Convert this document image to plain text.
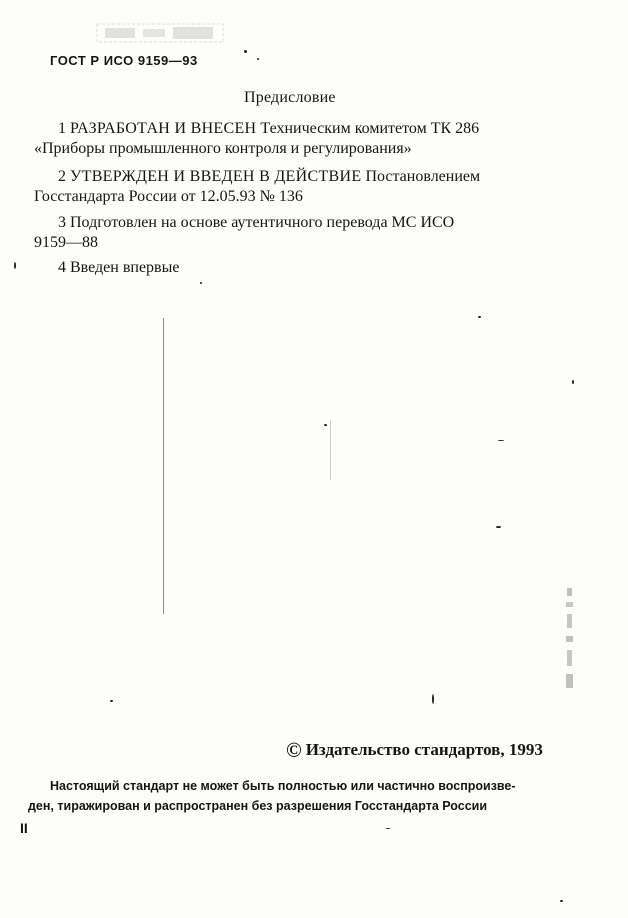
ГОСТ Р ИСО 9159—93
Предисловие
1 РАЗРАБОТАН И ВНЕСЕН Техническим комитетом ТК 286
«Приборы промышленного контроля и регулирования»
2 УТВЕРЖДЕН И ВВЕДЕН В ДЕЙСТВИЕ Постановлением
Госстандарта России от 12.05.93 № 136
3 Подготовлен на основе аутентичного перевода МС ИСО
9159—88
4 Введен впервые
© Издательство стандартов, 1993
Настоящий стандарт не может быть полностью или частично воспроизве-
ден, тиражирован и распространен без разрешения Госстандарта России
II
